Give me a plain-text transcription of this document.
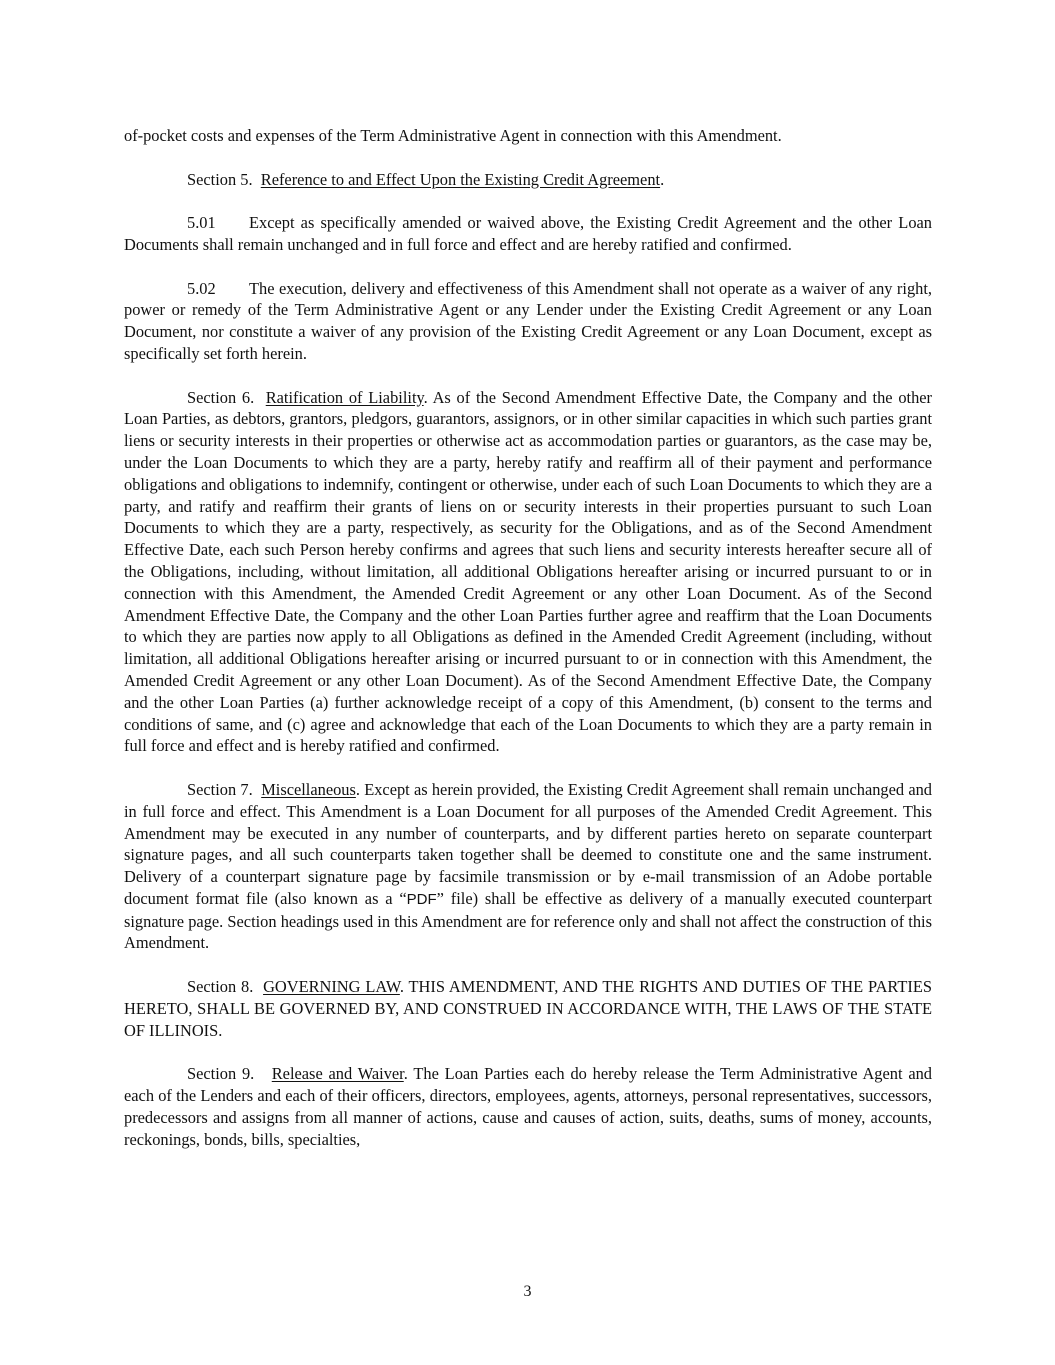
of-pocket costs and expenses of the Term Administrative Agent in connection with this Amendment.

Section 5. Reference to and Effect Upon the Existing Credit Agreement.

5.01 Except as specifically amended or waived above, the Existing Credit Agreement and the other Loan Documents shall remain unchanged and in full force and effect and are hereby ratified and confirmed.

5.02 The execution, delivery and effectiveness of this Amendment shall not operate as a waiver of any right, power or remedy of the Term Administrative Agent or any Lender under the Existing Credit Agreement or any Loan Document, nor constitute a waiver of any provision of the Existing Credit Agreement or any Loan Document, except as specifically set forth herein.

Section 6. Ratification of Liability. As of the Second Amendment Effective Date, the Company and the other Loan Parties, as debtors, grantors, pledgors, guarantors, assignors, or in other similar capacities in which such parties grant liens or security interests in their properties or otherwise act as accommodation parties or guarantors, as the case may be, under the Loan Documents to which they are a party, hereby ratify and reaffirm all of their payment and performance obligations and obligations to indemnify, contingent or otherwise, under each of such Loan Documents to which they are a party, and ratify and reaffirm their grants of liens on or security interests in their properties pursuant to such Loan Documents to which they are a party, respectively, as security for the Obligations, and as of the Second Amendment Effective Date, each such Person hereby confirms and agrees that such liens and security interests hereafter secure all of the Obligations, including, without limitation, all additional Obligations hereafter arising or incurred pursuant to or in connection with this Amendment, the Amended Credit Agreement or any other Loan Document. As of the Second Amendment Effective Date, the Company and the other Loan Parties further agree and reaffirm that the Loan Documents to which they are parties now apply to all Obligations as defined in the Amended Credit Agreement (including, without limitation, all additional Obligations hereafter arising or incurred pursuant to or in connection with this Amendment, the Amended Credit Agreement or any other Loan Document). As of the Second Amendment Effective Date, the Company and the other Loan Parties (a) further acknowledge receipt of a copy of this Amendment, (b) consent to the terms and conditions of same, and (c) agree and acknowledge that each of the Loan Documents to which they are a party remain in full force and effect and is hereby ratified and confirmed.

Section 7. Miscellaneous. Except as herein provided, the Existing Credit Agreement shall remain unchanged and in full force and effect. This Amendment is a Loan Document for all purposes of the Amended Credit Agreement. This Amendment may be executed in any number of counterparts, and by different parties hereto on separate counterpart signature pages, and all such counterparts taken together shall be deemed to constitute one and the same instrument. Delivery of a counterpart signature page by facsimile transmission or by e-mail transmission of an Adobe portable document format file (also known as a “PDF” file) shall be effective as delivery of a manually executed counterpart signature page. Section headings used in this Amendment are for reference only and shall not affect the construction of this Amendment.

Section 8. GOVERNING LAW. THIS AMENDMENT, AND THE RIGHTS AND DUTIES OF THE PARTIES HERETO, SHALL BE GOVERNED BY, AND CONSTRUED IN ACCORDANCE WITH, THE LAWS OF THE STATE OF ILLINOIS.

Section 9. Release and Waiver. The Loan Parties each do hereby release the Term Administrative Agent and each of the Lenders and each of their officers, directors, employees, agents, attorneys, personal representatives, successors, predecessors and assigns from all manner of actions, cause and causes of action, suits, deaths, sums of money, accounts, reckonings, bonds, bills, specialties,

3
